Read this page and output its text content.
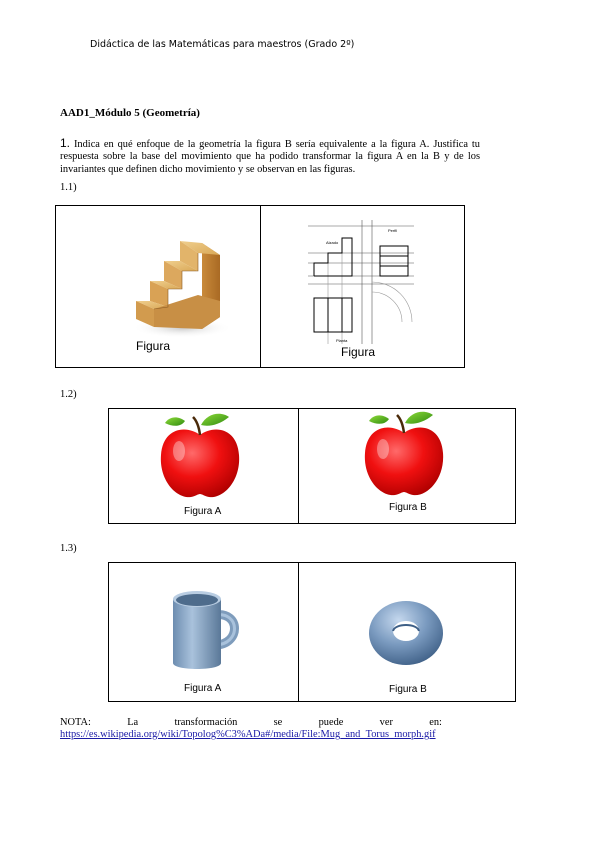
Didáctica de las Matemáticas para maestros (Grado 2º)
AAD1_Módulo 5 (Geometría)
1. Indica en qué enfoque de la geometría la figura B sería equivalente a la figura A. Justifica tu respuesta sobre la base del movimiento que ha podido transformar la figura A en la B y de los invariantes que definen dicho movimiento y se observan en las figuras.
1.1)
Figura
Alzado
Perfil
Planta
Figura
1.2)
Figura A	Figura B
1.3)
Figura A	Figura B
NOTA:	La	transformación	se	puede	ver	en:
https://es.wikipedia.org/wiki/Topolog%C3%ADa#/media/File:Mug_and_Torus_morph.gif
